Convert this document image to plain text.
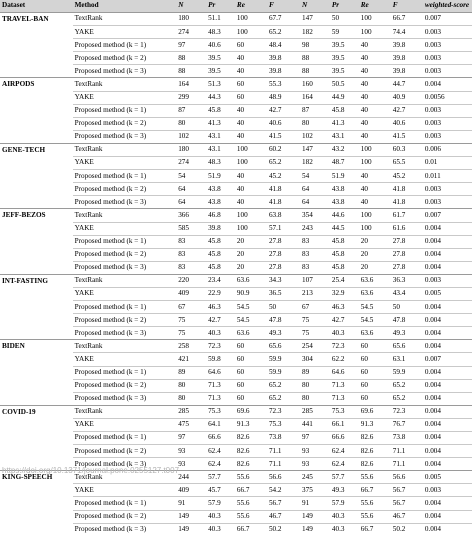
Dataset	Method	N	Pr	Re	F	N	Pr	Re	F	weighted-score
TRAVEL-BAN	TextRank	180	51.1	100	67.7	147	50	100	66.7	0.007
	YAKE	274	48.3	100	65.2	182	59	100	74.4	0.003
	Proposed method (k = 1)	97	40.6	60	48.4	98	39.5	40	39.8	0.003
	Proposed method (k = 2)	88	39.5	40	39.8	88	39.5	40	39.8	0.003
	Proposed method (k = 3)	88	39.5	40	39.8	88	39.5	40	39.8	0.003
AIRPODS	TextRank	164	51.3	60	55.3	160	50.5	40	44.7	0.004
	YAKE	299	44.3	60	48.9	164	44.9	40	40.9	0.0056
	Proposed method (k = 1)	87	45.8	40	42.7	87	45.8	40	42.7	0.003
	Proposed method (k = 2)	80	41.3	40	40.6	80	41.3	40	40.6	0.003
	Proposed method (k = 3)	102	43.1	40	41.5	102	43.1	40	41.5	0.003
GENE-TECH	TextRank	180	43.1	100	60.2	147	43.2	100	60.3	0.006
	YAKE	274	48.3	100	65.2	182	48.7	100	65.5	0.01
	Proposed method (k = 1)	54	51.9	40	45.2	54	51.9	40	45.2	0.011
	Proposed method (k = 2)	64	43.8	40	41.8	64	43.8	40	41.8	0.003
	Proposed method (k = 3)	64	43.8	40	41.8	64	43.8	40	41.8	0.003
JEFF-BEZOS	TextRank	366	46.8	100	63.8	354	44.6	100	61.7	0.007
	YAKE	585	39.8	100	57.1	243	44.5	100	61.6	0.004
	Proposed method (k = 1)	83	45.8	20	27.8	83	45.8	20	27.8	0.004
	Proposed method (k = 2)	83	45.8	20	27.8	83	45.8	20	27.8	0.004
	Proposed method (k = 3)	83	45.8	20	27.8	83	45.8	20	27.8	0.004
INT-FASTING	TextRank	220	23.4	63.6	34.3	107	25.4	63.6	36.3	0.003
	YAKE	409	22.9	90.9	36.5	213	32.9	63.6	43.4	0.005
	Proposed method (k = 1)	67	46.3	54.5	50	67	46.3	54.5	50	0.004
	Proposed method (k = 2)	75	42.7	54.5	47.8	75	42.7	54.5	47.8	0.004
	Proposed method (k = 3)	75	40.3	63.6	49.3	75	40.3	63.6	49.3	0.004
BIDEN	TextRank	258	72.3	60	65.6	254	72.3	60	65.6	0.004
	YAKE	421	59.8	60	59.9	304	62.2	60	63.1	0.007
	Proposed method (k = 1)	89	64.6	60	59.9	89	64.6	60	59.9	0.004
	Proposed method (k = 2)	80	71.3	60	65.2	80	71.3	60	65.2	0.004
	Proposed method (k = 3)	80	71.3	60	65.2	80	71.3	60	65.2	0.004
COVID-19	TextRank	285	75.3	69.6	72.3	285	75.3	69.6	72.3	0.004
	YAKE	475	64.1	91.3	75.3	441	66.1	91.3	76.7	0.004
	Proposed method (k = 1)	97	66.6	82.6	73.8	97	66.6	82.6	73.8	0.004
	Proposed method (k = 2)	93	62.4	82.6	71.1	93	62.4	82.6	71.1	0.004
	Proposed method (k = 3)	93	62.4	82.6	71.1	93	62.4	82.6	71.1	0.004
KING-SPEECH	TextRank	244	57.7	55.6	56.6	245	57.7	55.6	56.6	0.005
	YAKE	409	45.7	66.7	54.2	375	49.3	66.7	56.7	0.003
	Proposed method (k = 1)	91	57.9	55.6	56.7	91	57.9	55.6	56.7	0.004
	Proposed method (k = 2)	149	40.3	55.6	46.7	149	40.3	55.6	46.7	0.004
	Proposed method (k = 3)	149	40.3	66.7	50.2	149	40.3	66.7	50.2	0.004
https://doi.org/10.1371/journal.pone.0255127.t007
